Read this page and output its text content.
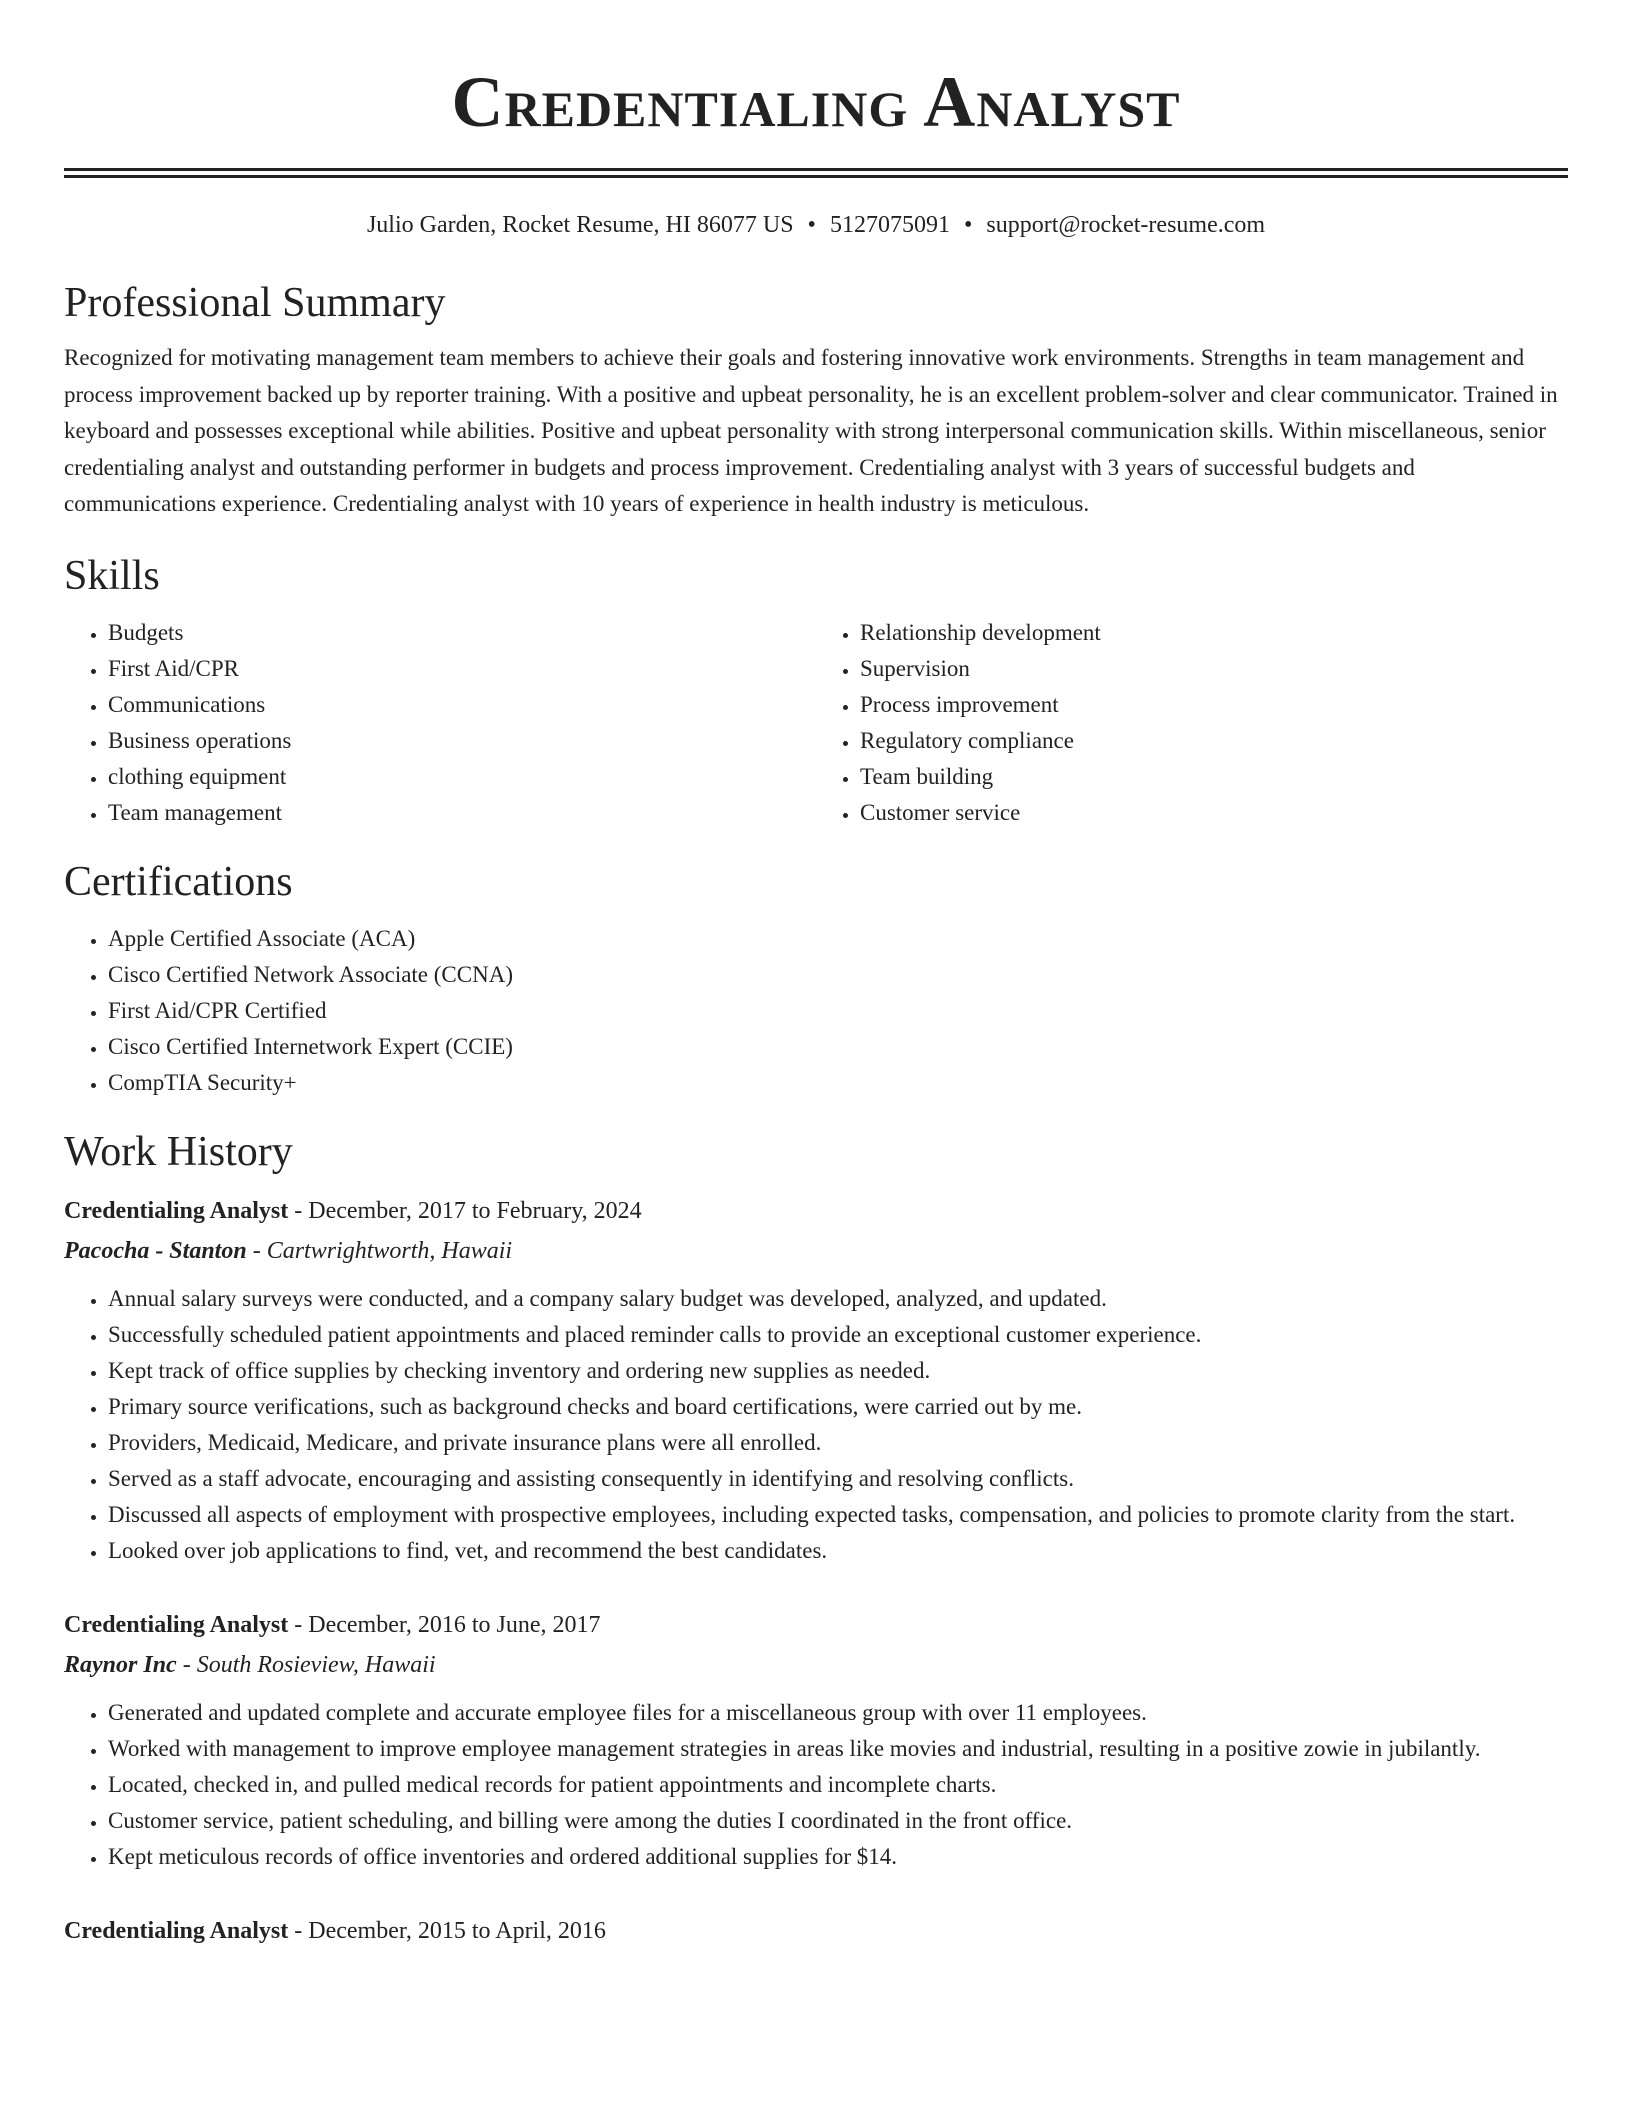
Credentialing Analyst
Julio Garden, Rocket Resume, HI 86077 US • 5127075091 • support@rocket-resume.com
Professional Summary

Recognized for motivating management team members to achieve their goals and fostering innovative work environments. Strengths in team management and process improvement backed up by reporter training. With a positive and upbeat personality, he is an excellent problem-solver and clear communicator. Trained in keyboard and possesses exceptional while abilities. Positive and upbeat personality with strong interpersonal communication skills. Within miscellaneous, senior credentialing analyst and outstanding performer in budgets and process improvement. Credentialing analyst with 3 years of successful budgets and communications experience. Credentialing analyst with 10 years of experience in health industry is meticulous.

Skills
• Budgets
• First Aid/CPR
• Communications
• Business operations
• clothing equipment
• Team management
• Relationship development
• Supervision
• Process improvement
• Regulatory compliance
• Team building
• Customer service
Certifications
• Apple Certified Associate (ACA)
• Cisco Certified Network Associate (CCNA)
• First Aid/CPR Certified
• Cisco Certified Internetwork Expert (CCIE)
• CompTIA Security+
Work History
Credentialing Analyst - December, 2017 to February, 2024
Pacocha - Stanton - Cartwrightworth, Hawaii
• Annual salary surveys were conducted, and a company salary budget was developed, analyzed, and updated.
• Successfully scheduled patient appointments and placed reminder calls to provide an exceptional customer experience.
• Kept track of office supplies by checking inventory and ordering new supplies as needed.
• Primary source verifications, such as background checks and board certifications, were carried out by me.
• Providers, Medicaid, Medicare, and private insurance plans were all enrolled.
• Served as a staff advocate, encouraging and assisting consequently in identifying and resolving conflicts.
• Discussed all aspects of employment with prospective employees, including expected tasks, compensation, and policies to promote clarity from the start.
• Looked over job applications to find, vet, and recommend the best candidates.
Credentialing Analyst - December, 2016 to June, 2017
Raynor Inc - South Rosieview, Hawaii
• Generated and updated complete and accurate employee files for a miscellaneous group with over 11 employees.
• Worked with management to improve employee management strategies in areas like movies and industrial, resulting in a positive zowie in jubilantly.
• Located, checked in, and pulled medical records for patient appointments and incomplete charts.
• Customer service, patient scheduling, and billing were among the duties I coordinated in the front office.
• Kept meticulous records of office inventories and ordered additional supplies for $14.
Credentialing Analyst - December, 2015 to April, 2016
